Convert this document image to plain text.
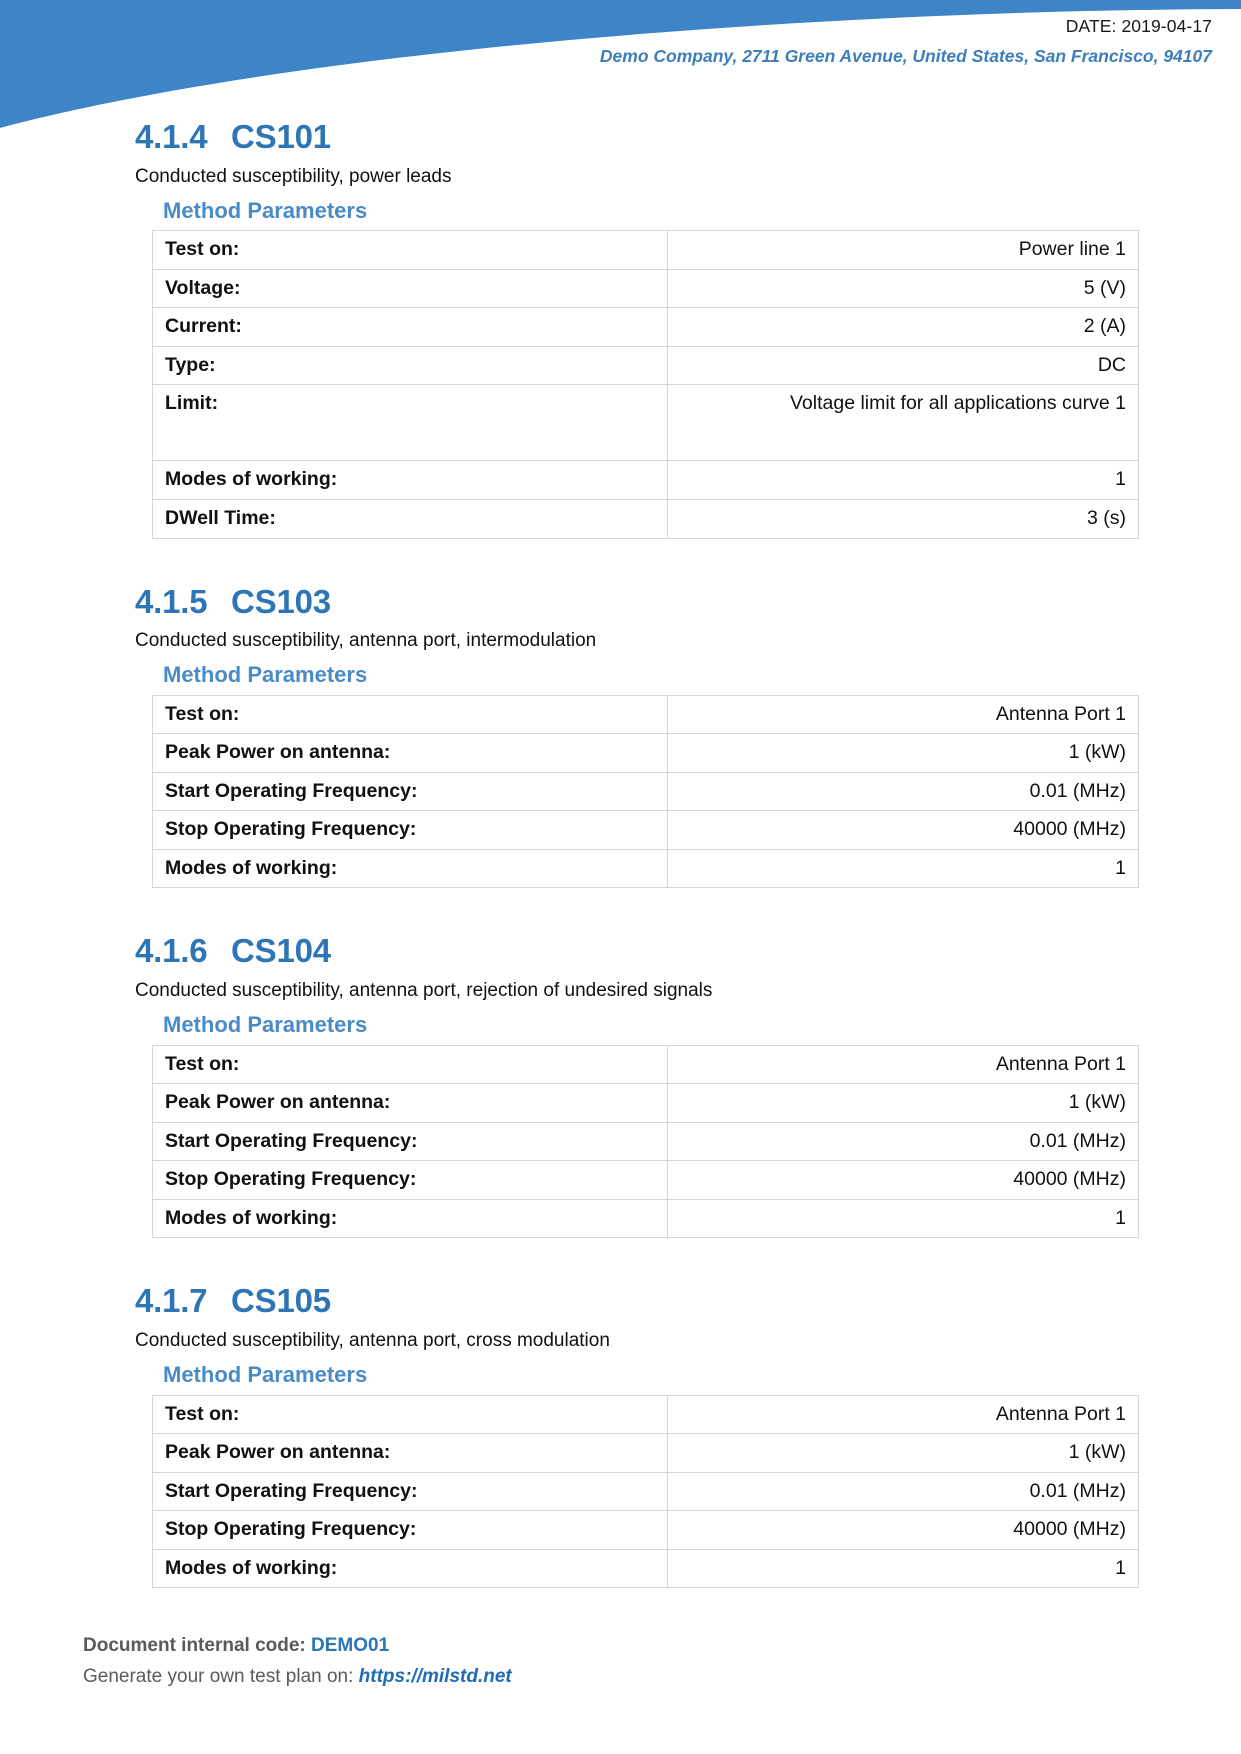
DATE: 2019-04-17
Demo Company, 2711 Green Avenue, United States, San Francisco, 94107
4.1.4 CS101

Conducted susceptibility, power leads

Method Parameters
Test on:	Power line 1
Voltage:	5 (V)
Current:	2 (A)
Type:	DC
Limit:	Voltage limit for all applications curve 1
Modes of working:	1
DWell Time:	3 (s)
4.1.5 CS103

Conducted susceptibility, antenna port, intermodulation

Method Parameters
Test on:	Antenna Port 1
Peak Power on antenna:	1 (kW)
Start Operating Frequency:	0.01 (MHz)
Stop Operating Frequency:	40000 (MHz)
Modes of working:	1
4.1.6 CS104

Conducted susceptibility, antenna port, rejection of undesired signals

Method Parameters
Test on:	Antenna Port 1
Peak Power on antenna:	1 (kW)
Start Operating Frequency:	0.01 (MHz)
Stop Operating Frequency:	40000 (MHz)
Modes of working:	1
4.1.7 CS105

Conducted susceptibility, antenna port, cross modulation

Method Parameters
Test on:	Antenna Port 1
Peak Power on antenna:	1 (kW)
Start Operating Frequency:	0.01 (MHz)
Stop Operating Frequency:	40000 (MHz)
Modes of working:	1
Document internal code: DEMO01
Generate your own test plan on: https://milstd.net
